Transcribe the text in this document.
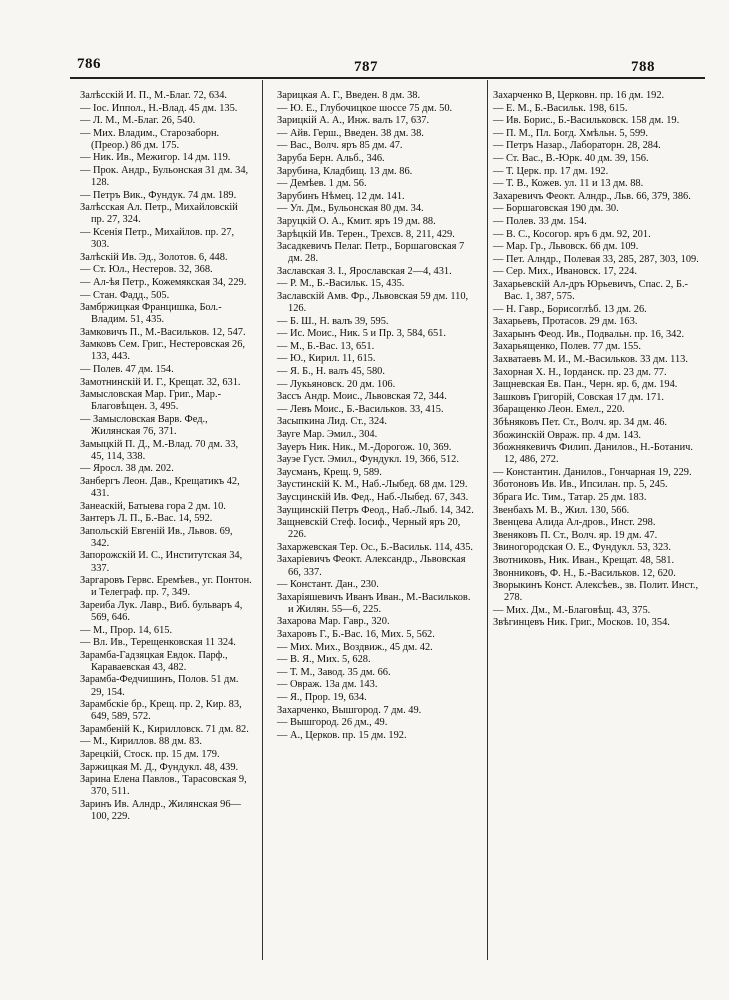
786	787	788
Залѣсскій И. П., М.-Благ. 72, 634.
— Іос. Иппол., Н.-Влад. 45 дм. 135.
— Л. М., М.-Благ. 26, 540.
— Мих. Владим., Старозаборн. (Преор.) 86 дм. 175.
— Ник. Ив., Межигор. 14 дм. 119.
— Прок. Андр., Бульонская 31 дм. 34, 128.
— Петръ Вик., Фундук. 74 дм. 189.
Залѣсская Ал. Петр., Михайловскій пр. 27, 324.
— Ксенія Петр., Михайлов. пр. 27, 303.
Залѣскій Ив. Эд., Золотов. 6, 448.
— Ст. Юл., Нестеров. 32, 368.
— Ал-ѣя Петр., Кожемякская 34, 229.
— Стан. Фадд., 505.
Замбржицкая Францишка, Бол.-Владим. 51, 435.
Замковичъ П., М.-Васильков. 12, 547.
Замковъ Сем. Григ., Нестеровская 26, 133, 443.
— Полев. 47 дм. 154.
Замотнинскій И. Г., Крещат. 32, 631.
Замысловская Мар. Григ., Мар.-Благовѣщен. 3, 495.
— Замысловская Варв. Фед., Жилянская 76, 371.
Замыцкій П. Д., М.-Влад. 70 дм. 33, 45, 114, 338.
— Яросл. 38 дм. 202.
Занбергъ Леон. Дав., Крещатикъ 42, 431.
Занеаскій, Батыева гора 2 дм. 10.
Зантеръ Л. П., Б.-Вас. 14, 592.
Запольскій Евгеній Ив., Львов. 69, 342.
Запорожскій И. С., Институтская 34, 337.
Заргаровъ Гервс. Еремѣев., уг. Понтон. и Телеграф. пр. 7, 349.
Зареиба Лук. Лавр., Виб. бульваръ 4, 569, 646.
— М., Прор. 14, 615.
— Вл. Ив., Терещенковская 11 324.
Зарамба-Гадзяцкая Евдок. Парф., Караваевская 43, 482.
Зарамба-Федчишинъ, Полов. 51 дм. 29, 154.
Зарамбскіе бр., Крещ. пр. 2, Кир. 83, 649, 589, 572.
Зарамбеній К., Кирилловск. 71 дм. 82.
— М., Кириллов. 88 дм. 83.
Зарецкій, Стоск. пр. 15 дм. 179.
Заржицкая М. Д., Фундукл. 48, 439.
Зарина Елена Павлов., Тарасовская 9, 370, 511.
Заринъ Ив. Алндр., Жилянская 96—100, 229.
Зарицкая А. Г., Введен. 8 дм. 38.
— Ю. Е., Глубочицкое шоссе 75 дм. 50.
Зарицкій А. А., Инж. валъ 17, 637.
— Айв. Герш., Введен. 38 дм. 38.
— Вас., Волч. яръ 85 дм. 47.
Заруба Берн. Альб., 346.
Зарубина, Кладбищ. 13 дм. 86.
— Демѣев. 1 дм. 56.
Зарубинъ Нѣмец. 12 дм. 141.
— Ул. Дм., Бульонская 80 дм. 34.
Заруцкій О. А., Кмит. яръ 19 дм. 88.
Зарѣцкій Ив. Терен., Трехсв. 8, 211, 429.
Засадкевичъ Пелаг. Петр., Боршаговская 7 дм. 28.
Заславская З. І., Ярославская 2—4, 431.
— Р. М., Б.-Васильк. 15, 435.
Заславскій Амв. Фр., Львовская 59 дм. 110, 126.
— Б. Ш., Н. валъ 39, 595.
— Ис. Моис., Ник. 5 и Пр. 3, 584, 651.
— М., Б.-Вас. 13, 651.
— Ю., Кирил. 11, 615.
— Я. Б., Н. валъ 45, 580.
— Лукьяновск. 20 дм. 106.
Зассъ Андр. Моис., Львовская 72, 344.
— Левъ Моис., Б.-Васильков. 33, 415.
Засыпкина Лид. Ст., 324.
Зауге Мар. Эмил., 304.
Зауеръ Ник. Ник., М.-Дорогож. 10, 369.
Зауэе Густ. Эмил., Фундукл. 19, 366, 512.
Заусманъ, Крещ. 9, 589.
Заустинскій К. М., Наб.-Лыбед. 68 дм. 129.
Заусцинскій Ив. Фед., Наб.-Лыбед. 67, 343.
Заущинскій Петръ Феод., Наб.-Лыб. 14, 342.
Защневскій Стеф. Іосиф., Черный яръ 20, 226.
Захаржевская Тер. Ос., Б.-Васильк. 114, 435.
Захаріевичъ Феокт. Александр., Львовская 66, 337.
— Констант. Дан., 230.
Захаріяшевичъ Иванъ Иван., М.-Васильков. и Жилян. 55—6, 225.
Захарова Мар. Гавр., 320.
Захаровъ Г., Б.-Вас. 16, Мих. 5, 562.
— Мих. Мих., Воздвиж., 45 дм. 42.
— В. Я., Мих. 5, 628.
— Т. М., Завод. 35 дм. 66.
— Овраж. 13а дм. 143.
— Я., Прор. 19, 634.
Захарченко, Вышгород. 7 дм. 49.
— Вышгород. 26 дм., 49.
— А., Церков. пр. 15 дм. 192.
Захарченко В, Церковн. пр. 16 дм. 192.
— Е. М., Б.-Васильк. 198, 615.
— Ив. Борис., Б.-Васильковск. 158 дм. 19.
— П. М., Пл. Богд. Хмѣльн. 5, 599.
— Петръ Назар., Лабораторн. 28, 284.
— Ст. Вас., В.-Юрк. 40 дм. 39, 156.
— Т. Церк. пр. 17 дм. 192.
— Т. В., Кожев. ул. 11 и 13 дм. 88.
Захаревичъ Феокт. Алндр., Льв. 66, 379, 386.
— Боршаговская 190 дм. 30.
— Полев. 33 дм. 154.
— В. С., Косогор. яръ 6 дм. 92, 201.
— Мар. Гр., Львовск. 66 дм. 109.
— Пет. Алндр., Полевая 33, 285, 287, 303, 109.
— Сер. Мих., Ивановск. 17, 224.
Захарьевскій Ал-дръ Юрьевичъ, Спас. 2, Б.-Вас. 1, 387, 575.
— Н. Гавр., Борисоглѣб. 13 дм. 26.
Захарьевъ, Протасов. 29 дм. 163.
Захарынъ Феод. Ив., Подвальн. пр. 16, 342.
Захарьященко, Полев. 77 дм. 155.
Захватаевъ М. И., М.-Васильков. 33 дм. 113.
Захорная Х. Н., Іорданск. пр. 23 дм. 77.
Защневская Ев. Пан., Черн. яр. 6, дм. 194.
Зашковъ Григорій, Совская 17 дм. 171.
Збаращенко Леон. Емел., 220.
Збѣняковъ Пет. Ст., Волч. яр. 34 дм. 46.
Збожинскій Овраж. пр. 4 дм. 143.
Збожнякевичъ Филип. Данилов., Н.-Ботанич. 12, 486, 272.
— Константин. Данилов., Гончарная 19, 229.
Зботоновъ Ив. Ив., Ипсилан. пр. 5, 245.
Збрага Ис. Тим., Татар. 25 дм. 183.
Звенбахъ М. В., Жил. 130, 566.
Звенцева Алида Ал-дров., Инст. 298.
Звеняковъ П. Ст., Волч. яр. 19 дм. 47.
Звиногородская О. Е., Фундукл. 53, 323.
Звотниковъ, Ник. Иван., Крещат. 48, 581.
Звонниковъ, Ф. Н., Б.-Васильков. 12, 620.
Зворыкинъ Конст. Алексѣев., зв. Полит. Инст., 278.
— Мих. Дм., М.-Благовѣщ. 43, 375.
Звѣгинцевъ Ник. Григ., Москов. 10, 354.
